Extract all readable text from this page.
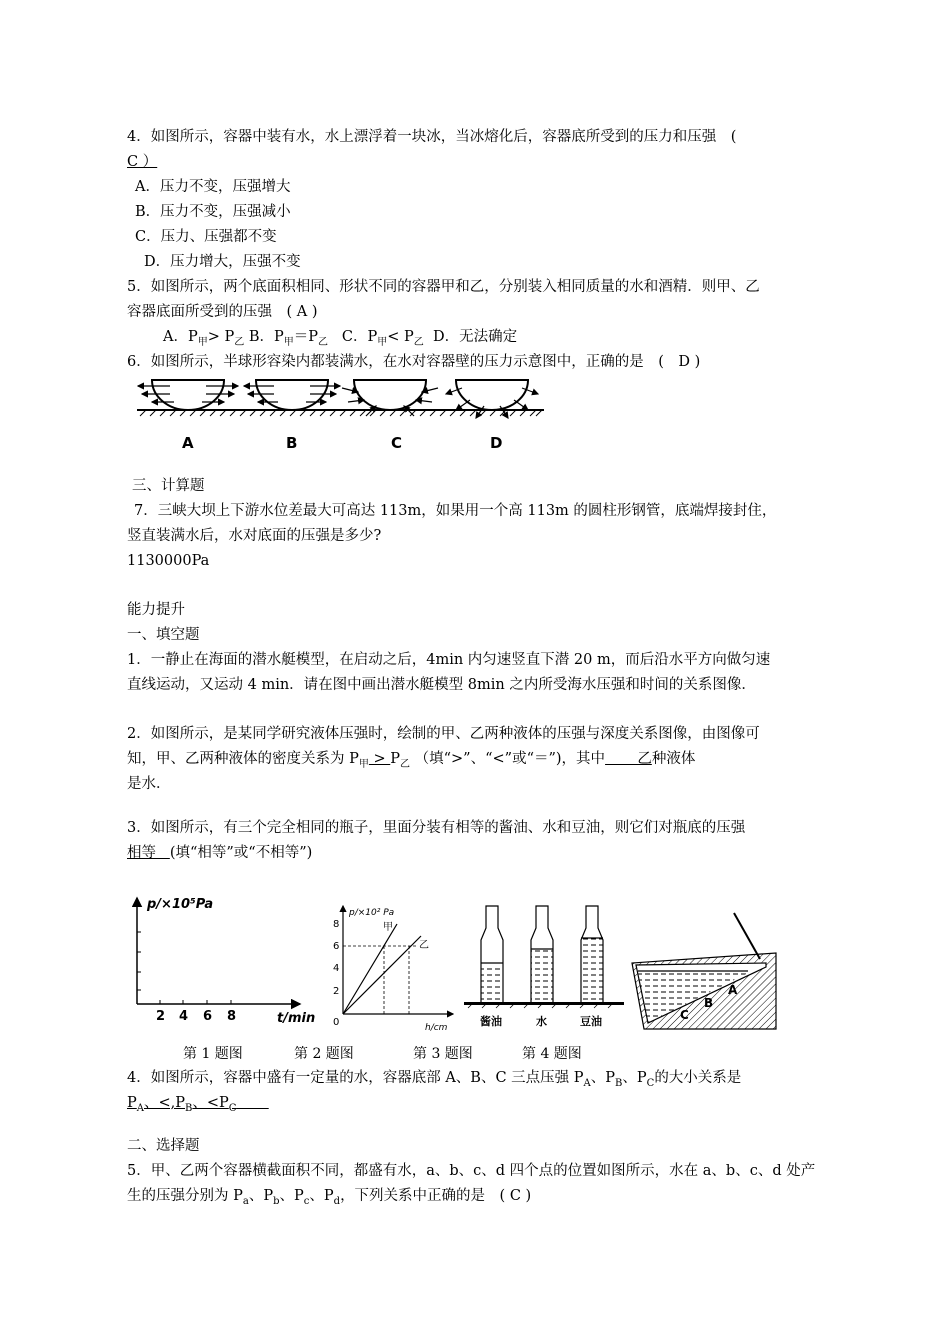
4．如图所示，容器中装有水，水上漂浮着一块冰，当冰熔化后，容器底所受到的压力和压强　(
C ）
A．压力不变，压强增大
B．压力不变，压强减小
C．压力、压强都不变
D．压力增大，压强不变
5．如图所示，两个底面积相同、形状不同的容器甲和乙，分别装入相同质量的水和酒精．则甲、乙
容器底面所受到的压强　( A )
A．$P_甲> P_乙$ B．$P_甲=P_乙$ C．$P_甲< P_乙$ D．无法确定
6．如图所示，半球形容染内都装满水，在水对容器壁的压力示意图中，正确的是　(　D )
A	B	C	D
三、计算题
7．三峡大坝上下游水位差最大可高达 113m，如果用一个高 113m 的圆柱形钢管，底端焊接封住，
竖直装满水后，水对底面的压强是多少?
1130000Pa
能力提升
一、填空题
1．一静止在海面的潜水艇模型，在启动之后，4min 内匀速竖直下潜 20 m，而后沿水平方向做匀速
直线运动，又运动 4 min．请在图中画出潜水艇模型 8min 之内所受海水压强和时间的关系图像．
2．如图所示，是某同学研究液体压强时，绘制的甲、乙两种液体的压强与深度关系图像，由图像可
知，甲、乙两种液体的密度关系为 $P_甲 > P_乙$ （填“>”、“<”或“＝”)，其中       乙种液体
是水．
3．如图所示，有三个完全相同的瓶子，里面分装有相等的酱油、水和豆油，则它们对瓶底的压强
相等 (填“相等”或“不相等”)
p/×10⁵Pa
2 4 6 8	t/min
2
4
6
8
0
p/×10² Pa
h/cm
甲
乙
酱油	水	豆油
A
B
C
第 1 题图	第 2 题图	第 3 题图	第 4 题图
4．如图所示，容器中盛有一定量的水，容器底部 A、B、C 三点压强 $P_A$、$P_B$、$P_C$的大小关系是
$P_A$、$<,P_B$、$<P_C$
二、选择题
5．甲、乙两个容器横截面积不同，都盛有水，a、b、c、d 四个点的位置如图所示，水在 a、b、c、d 处产
生的压强分别为 $P_a$、$P_b$、$P_c$、$P_d$，下列关系中正确的是　( C )
